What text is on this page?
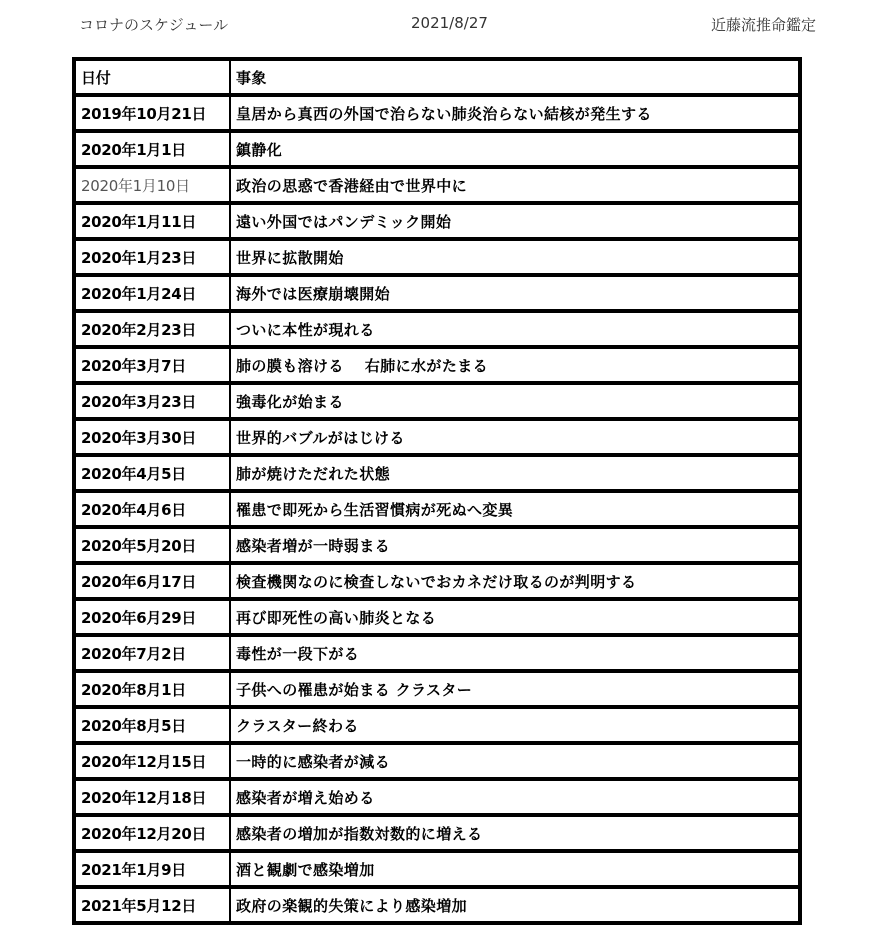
コロナのスケジュール	2021/8/27	近藤流推命鑑定
日付	事象
2019年10月21日	皇居から真西の外国で治らない肺炎治らない結核が発生する
2020年1月1日	鎮静化
2020年1月10日	政治の思惑で香港経由で世界中に
2020年1月11日	遠い外国ではパンデミック開始
2020年1月23日	世界に拡散開始
2020年1月24日	海外では医療崩壊開始
2020年2月23日	ついに本性が現れる
2020年3月7日	肺の膜も溶ける　 右肺に水がたまる
2020年3月23日	強毒化が始まる
2020年3月30日	世界的バブルがはじける
2020年4月5日	肺が焼けただれた状態
2020年4月6日	罹患で即死から生活習慣病が死ぬへ変異
2020年5月20日	感染者増が一時弱まる
2020年6月17日	検査機関なのに検査しないでおカネだけ取るのが判明する
2020年6月29日	再び即死性の高い肺炎となる
2020年7月2日	毒性が一段下がる
2020年8月1日	子供への罹患が始まる クラスター
2020年8月5日	クラスター終わる
2020年12月15日	一時的に感染者が減る
2020年12月18日	感染者が増え始める
2020年12月20日	感染者の増加が指数対数的に増える
2021年1月9日	酒と観劇で感染増加
2021年5月12日	政府の楽観的失策により感染増加
